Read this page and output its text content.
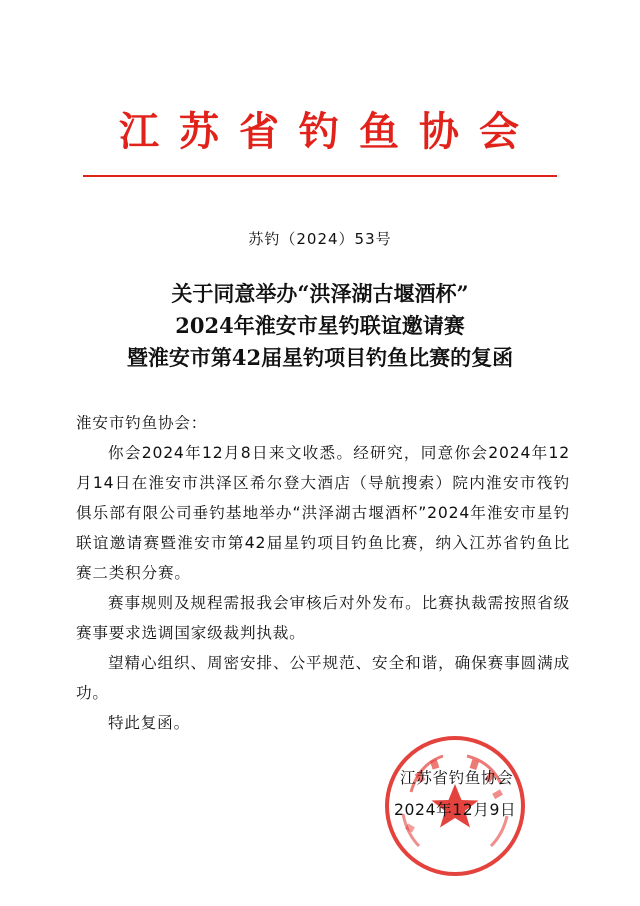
江苏省钓鱼协会
苏钓（2024）53号
关于同意举办“洪泽湖古堰酒杯”
2024年淮安市星钓联谊邀请赛
暨淮安市第42届星钓项目钓鱼比赛的复函

淮安市钓鱼协会：

你会2024年12月8日来文收悉。经研究，同意你会2024年12月14日在淮安市洪泽区希尔登大酒店（导航搜索）院内淮安市筏钓俱乐部有限公司垂钓基地举办“洪泽湖古堰酒杯”2024年淮安市星钓联谊邀请赛暨淮安市第42届星钓项目钓鱼比赛，纳入江苏省钓鱼比赛二类积分赛。

赛事规则及规程需报我会审核后对外发布。比赛执裁需按照省级赛事要求选调国家级裁判执裁。

望精心组织、周密安排、公平规范、安全和谐，确保赛事圆满成功。

特此复函。

江苏省钓鱼协会
2024年12月9日
